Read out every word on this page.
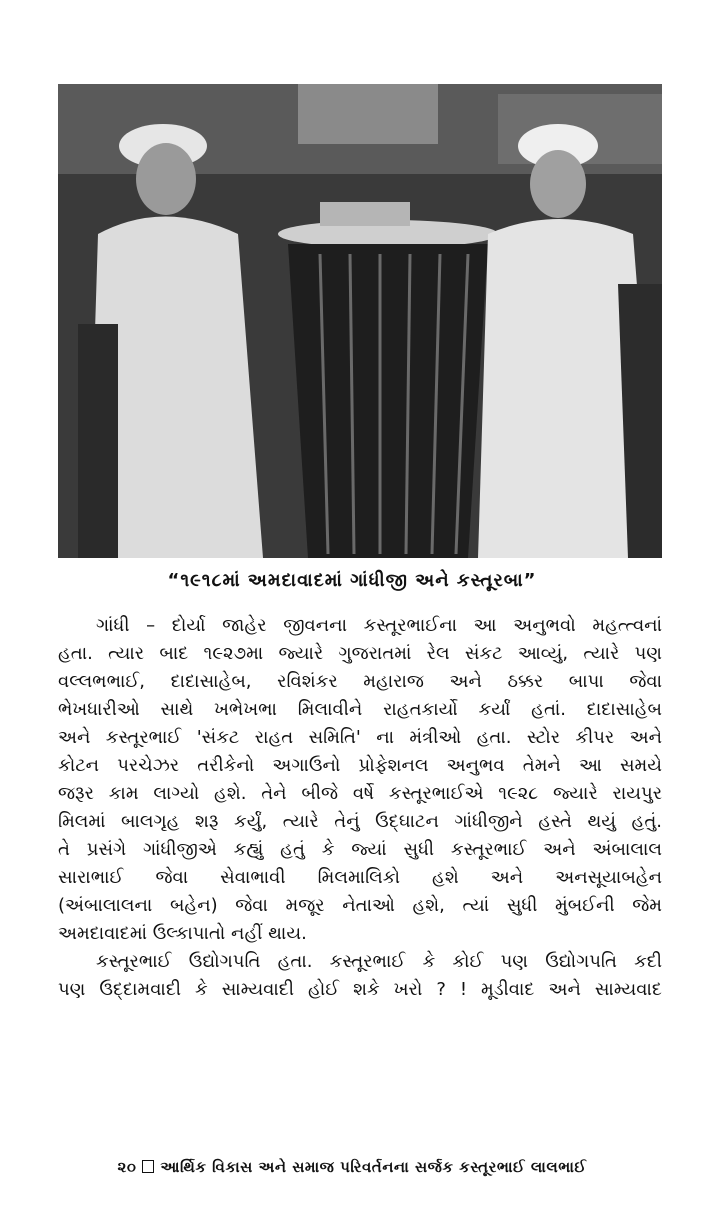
“૧૯૧૮માં અમદાવાદમાં ગાંધીજી અને કસ્તૂરબા”
ગાંધી – દોર્યા જાહેર જીવનના કસ્તૂરભાઈના આ અનુભવો મહત્ત્વનાં
હતા. ત્યાર બાદ ૧૯૨૭મા જ્યારે ગુજરાતમાં રેલ સંકટ આવ્યું, ત્યારે પણ
વલ્લભભાઈ, દાદાસાહેબ, રવિશંકર મહારાજ અને ઠક્કર બાપા જેવા
ભેખધારીઓ સાથે ખભેખભા મિલાવીને રાહતકાર્યો કર્યાં હતાં. દાદાસાહેબ
અને કસ્તૂરભાઈ 'સંકટ રાહત સમિતિ' ના મંત્રીઓ હતા. સ્ટોર કીપર અને
કોટન પરચેઝર તરીકેનો અગાઉનો પ્રોફેશનલ અનુભવ તેમને આ સમયે
જરૂર કામ લાગ્યો હશે. તેને બીજે વર્ષે કસ્તૂરભાઈએ ૧૯૨૮ જ્યારે રાયપુર
મિલમાં બાલગૃહ શરૂ કર્યું, ત્યારે તેનું ઉદ્‌ઘાટન ગાંધીજીને હસ્તે થયું હતું.
તે પ્રસંગે ગાંધીજીએ કહ્યું હતું કે જ્યાં સુધી કસ્તૂરભાઈ અને અંબાલાલ
સારાભાઈ જેવા સેવાભાવી મિલમાલિકો હશે અને અનસૂયાબહેન
(અંબાલાલના બહેન) જેવા મજૂર નેતાઓ હશે, ત્યાં સુધી મુંબઈની જેમ
અમદાવાદમાં ઉલ્કાપાતો નહીં થાય.
કસ્તૂરભાઈ ઉદ્યોગપતિ હતા. કસ્તૂરભાઈ કે કોઈ પણ ઉદ્યોગપતિ કદી
પણ ઉદ્દામવાદી કે સામ્યવાદી હોઈ શકે ખરો ? ! મૂડીવાદ અને સામ્યવાદ
૨૦ આર્થિક વિકાસ અને સમાજ પરિવર્તનના સર્જક કસ્તૂરભાઈ લાલભાઈ
